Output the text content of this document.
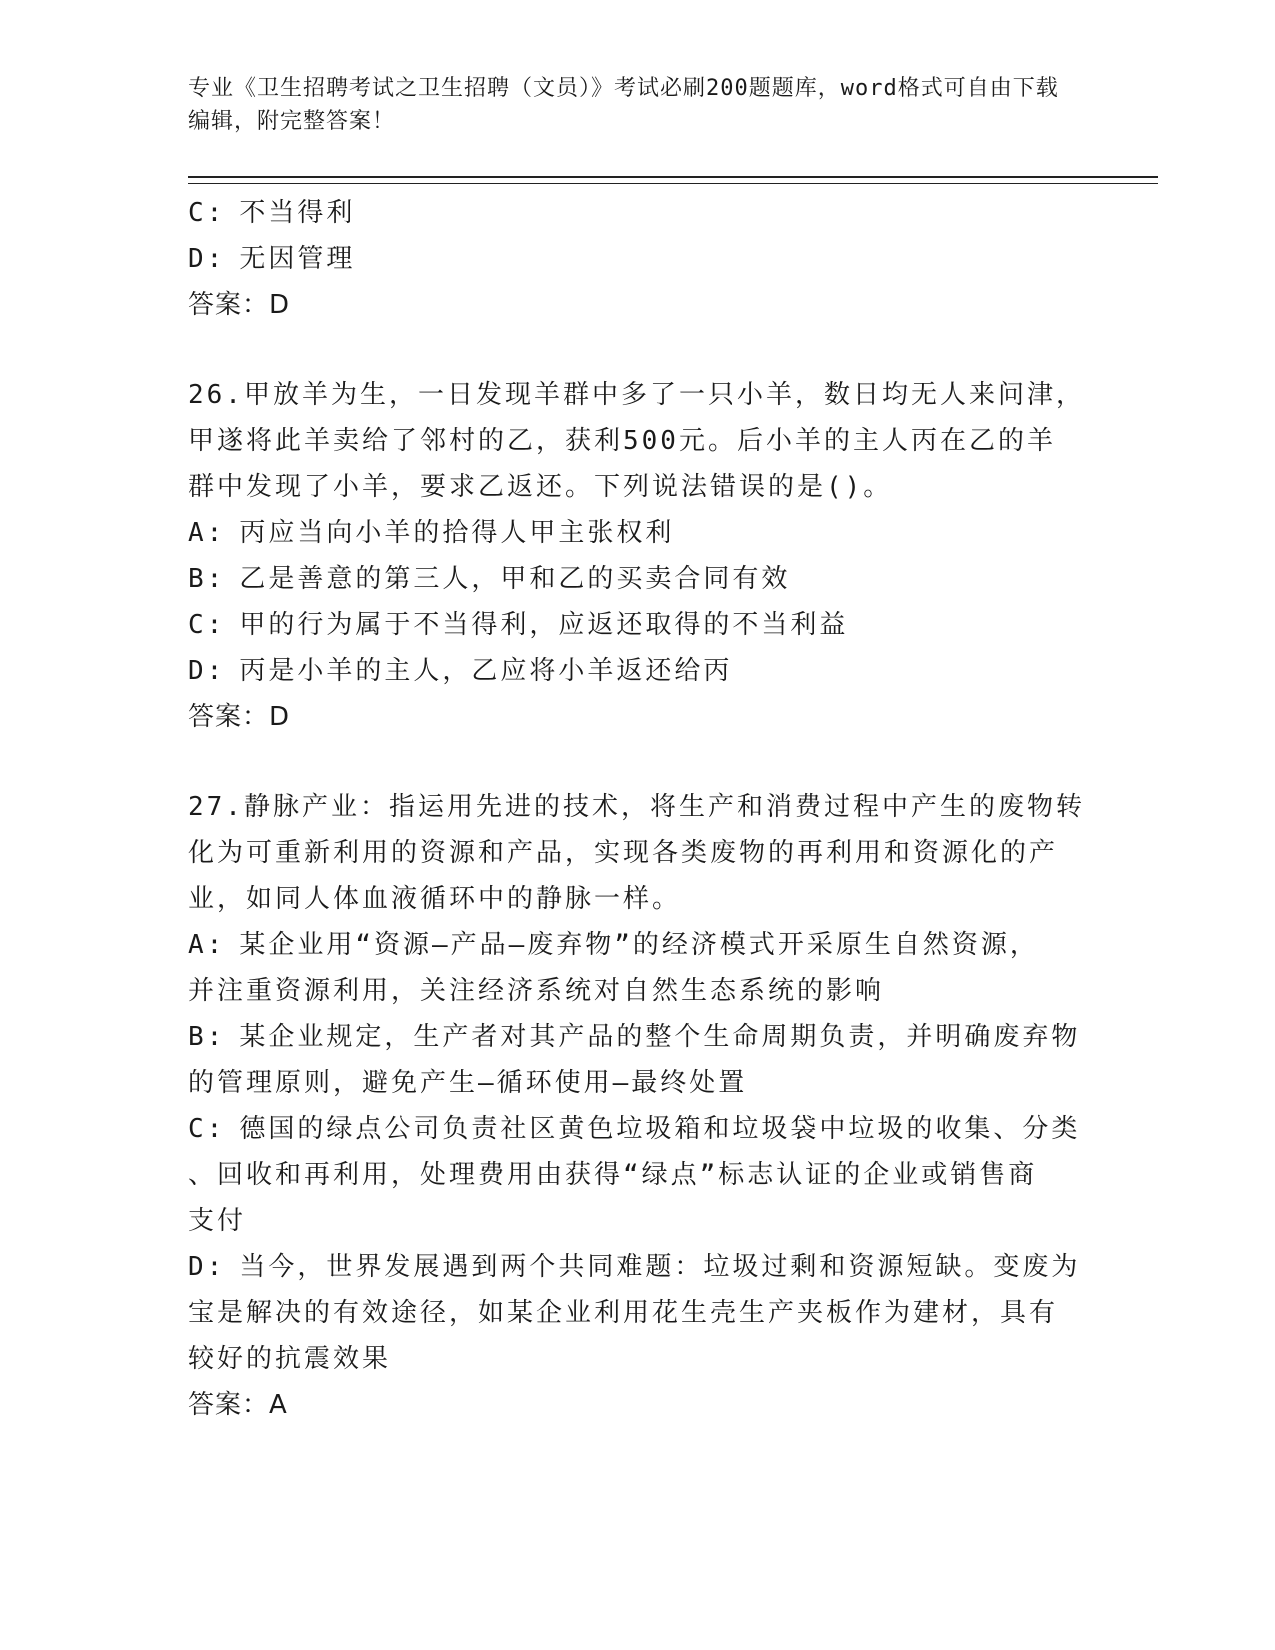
专业《卫生招聘考试之卫生招聘（文员）》考试必刷200题题库，word格式可自由下载编辑，附完整答案！
C: 不当得利
D: 无因管理
答案：D
26.甲放羊为生，一日发现羊群中多了一只小羊，数日均无人来问津，
甲遂将此羊卖给了邻村的乙，获利500元。后小羊的主人丙在乙的羊
群中发现了小羊，要求乙返还。下列说法错误的是()。
A: 丙应当向小羊的拾得人甲主张权利
B: 乙是善意的第三人，甲和乙的买卖合同有效
C: 甲的行为属于不当得利，应返还取得的不当利益
D: 丙是小羊的主人，乙应将小羊返还给丙
答案：D
27.静脉产业：指运用先进的技术，将生产和消费过程中产生的废物转
化为可重新利用的资源和产品，实现各类废物的再利用和资源化的产
业，如同人体血液循环中的静脉一样。
A: 某企业用“资源—产品—废弃物”的经济模式开采原生自然资源，
并注重资源利用，关注经济系统对自然生态系统的影响
B: 某企业规定，生产者对其产品的整个生命周期负责，并明确废弃物
的管理原则，避免产生—循环使用—最终处置
C: 德国的绿点公司负责社区黄色垃圾箱和垃圾袋中垃圾的收集、分类
、回收和再利用，处理费用由获得“绿点”标志认证的企业或销售商
支付
D: 当今，世界发展遇到两个共同难题：垃圾过剩和资源短缺。变废为
宝是解决的有效途径，如某企业利用花生壳生产夹板作为建材，具有
较好的抗震效果
答案：A
